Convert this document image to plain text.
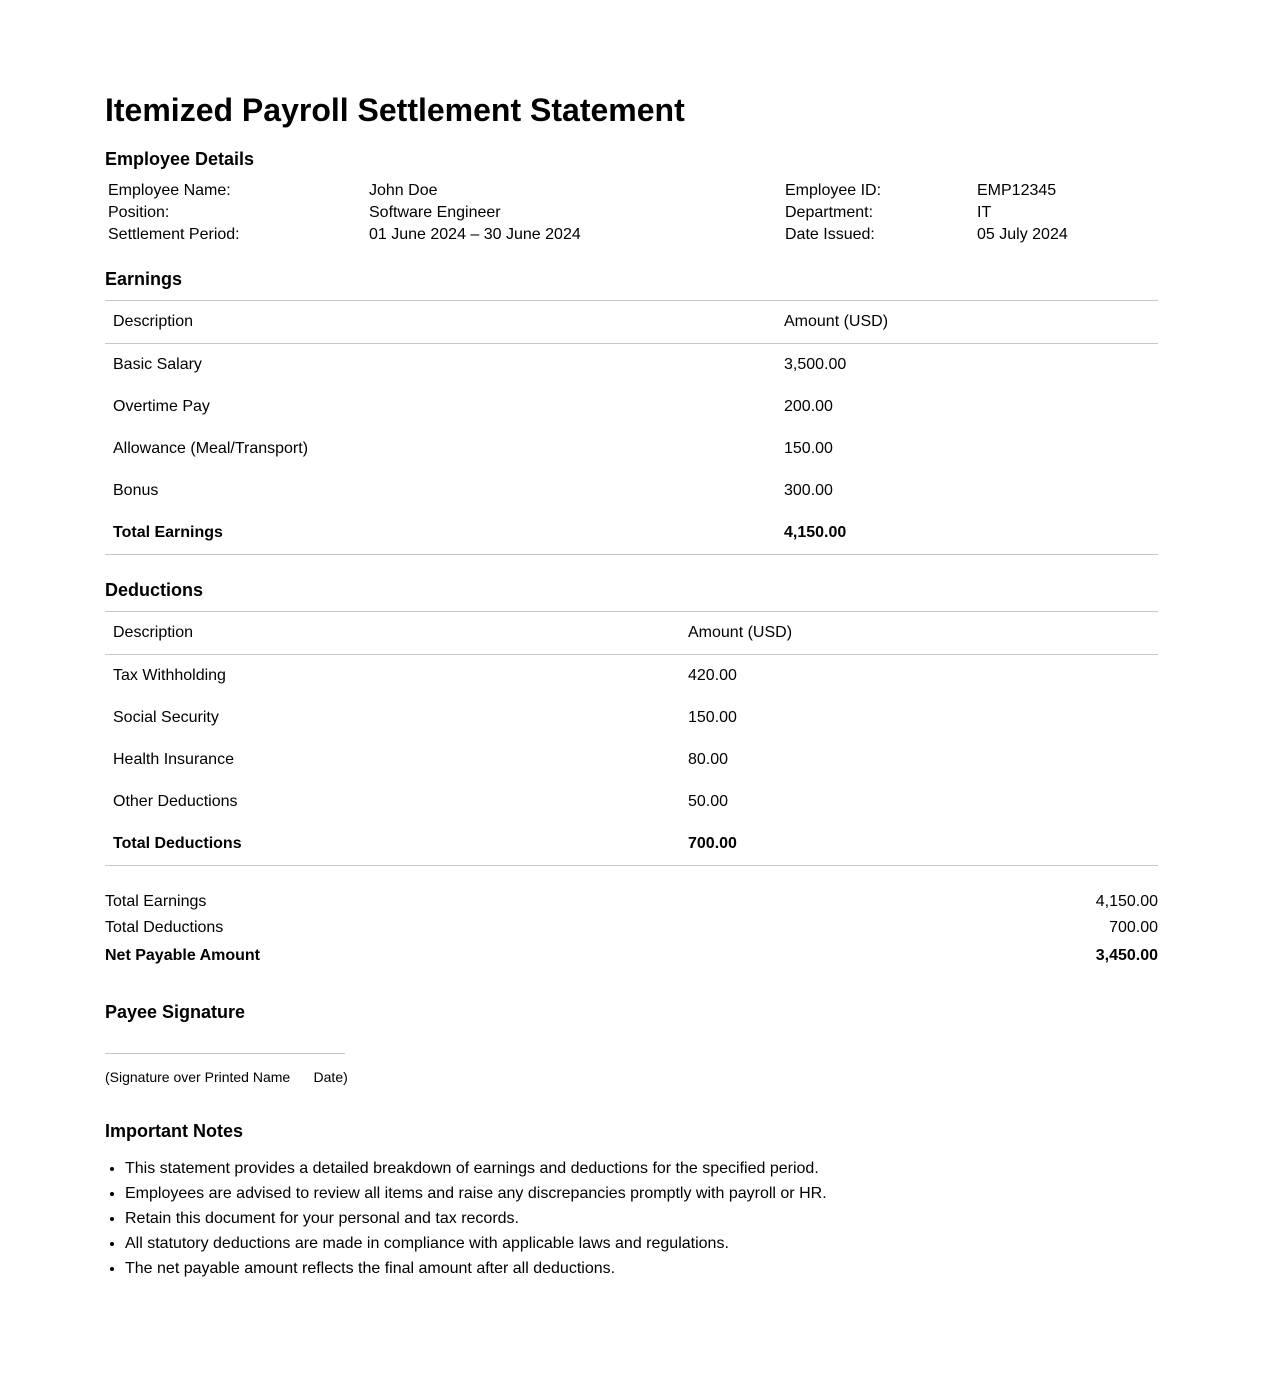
Itemized Payroll Settlement Statement
Employee Details
Employee Name:	John Doe	Employee ID:	EMP12345
Position:	Software Engineer	Department:	IT
Settlement Period:	01 June 2024 – 30 June 2024	Date Issued:	05 July 2024
Earnings
Description	Amount (USD)
Basic Salary	3,500.00
Overtime Pay	200.00
Allowance (Meal/Transport)	150.00
Bonus	300.00
Total Earnings	4,150.00
Deductions
Description	Amount (USD)
Tax Withholding	420.00
Social Security	150.00
Health Insurance	80.00
Other Deductions	50.00
Total Deductions	700.00
Total Earnings	4,150.00
Total Deductions	700.00
Net Payable Amount	3,450.00
Payee Signature
(Signature over Printed Name      Date)
Important Notes
• This statement provides a detailed breakdown of earnings and deductions for the specified period.
• Employees are advised to review all items and raise any discrepancies promptly with payroll or HR.
• Retain this document for your personal and tax records.
• All statutory deductions are made in compliance with applicable laws and regulations.
• The net payable amount reflects the final amount after all deductions.
